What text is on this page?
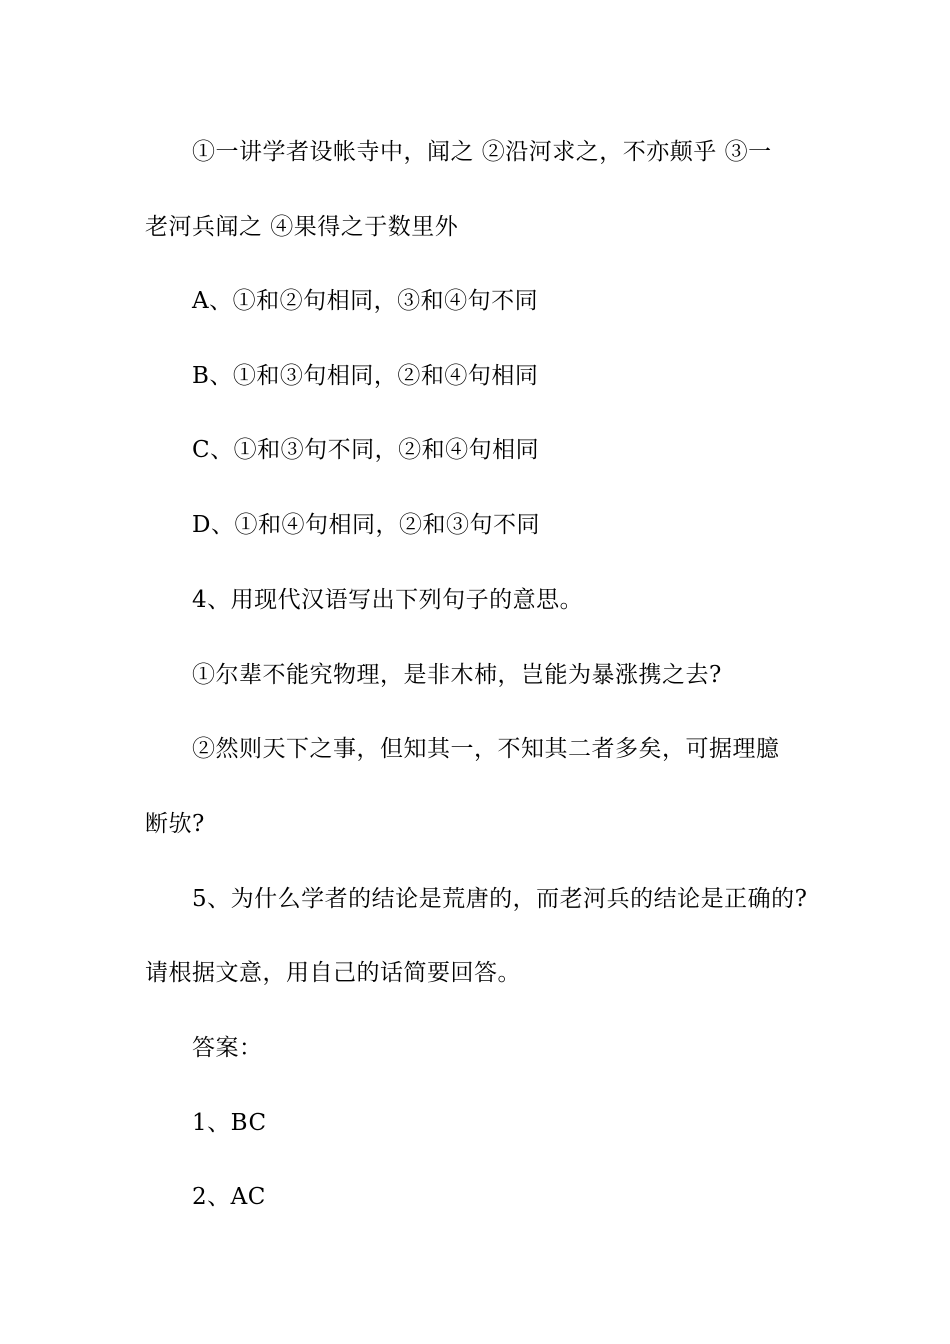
①一讲学者设帐寺中，闻之 ②沿河求之，不亦颠乎 ③一
老河兵闻之 ④果得之于数里外
A、①和②句相同，③和④句不同
B、①和③句相同，②和④句相同
C、①和③句不同，②和④句相同
D、①和④句相同，②和③句不同
4、用现代汉语写出下列句子的意思。
①尔辈不能究物理，是非木杮，岂能为暴涨携之去?
②然则天下之事，但知其一，不知其二者多矣，可据理臆
断欤?
5、为什么学者的结论是荒唐的，而老河兵的结论是正确的?
请根据文意，用自己的话简要回答。
答案：
1、BC
2、AC
